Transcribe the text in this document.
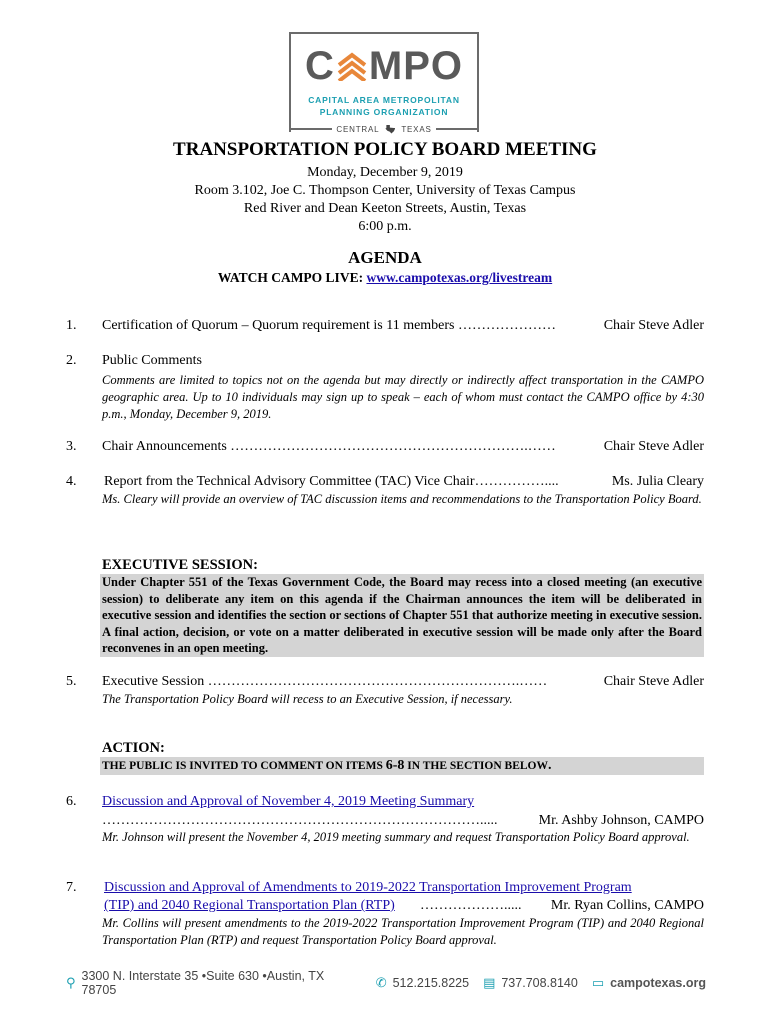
C MPO
CAPITAL AREA METROPOLITAN
PLANNING ORGANIZATION
CENTRAL	TEXAS
TRANSPORTATION POLICY BOARD MEETING
Monday, December 9, 2019
Room 3.102, Joe C. Thompson Center, University of Texas Campus
Red River and Dean Keeton Streets, Austin, Texas
6:00 p.m.
AGENDA
WATCH CAMPO LIVE: www.campotexas.org/livestream
1. Certification of Quorum – Quorum requirement is 11 members …………………	Chair Steve Adler
2. Public Comments
Comments are limited to topics not on the agenda but may directly or indirectly affect transportation in the CAMPO geographic area. Up to 10 individuals may sign up to speak – each of whom must contact the CAMPO office by 4:30 p.m., Monday, December 9, 2019.
3. Chair Announcements ……………………………………………………….……	Chair Steve Adler
4. Report from the Technical Advisory Committee (TAC) Vice Chair……………....	Ms. Julia Cleary
Ms. Cleary will provide an overview of TAC discussion items and recommendations to the Transportation Policy Board.
EXECUTIVE SESSION:
Under Chapter 551 of the Texas Government Code, the Board may recess into a closed meeting (an executive session) to deliberate any item on this agenda if the Chairman announces the item will be deliberated in executive session and identifies the section or sections of Chapter 551 that authorize meeting in executive session. A final action, decision, or vote on a matter deliberated in executive session will be made only after the Board reconvenes in an open meeting.
5. Executive Session ………………………………………………………….……	Chair Steve Adler
The Transportation Policy Board will recess to an Executive Session, if necessary.
ACTION:
THE PUBLIC IS INVITED TO COMMENT ON ITEMS 6-8 IN THE SECTION BELOW.
6. Discussion and Approval of November 4, 2019 Meeting Summary
……………………………………………………………………….....	Mr. Ashby Johnson, CAMPO
Mr. Johnson will present the November 4, 2019 meeting summary and request Transportation Policy Board approval.
7. Discussion and Approval of Amendments to 2019-2022 Transportation Improvement Program
(TIP) and 2040 Regional Transportation Plan (RTP) ………………..... Mr. Ryan Collins, CAMPO
Mr. Collins will present amendments to the 2019-2022 Transportation Improvement Program (TIP) and 2040 Regional Transportation Plan (RTP) and request Transportation Policy Board approval.
⚲ 3300 N. Interstate 35 •Suite 630 •Austin, TX 78705	✆ 512.215.8225 ▤ 737.708.8140 ▭ campotexas.org
